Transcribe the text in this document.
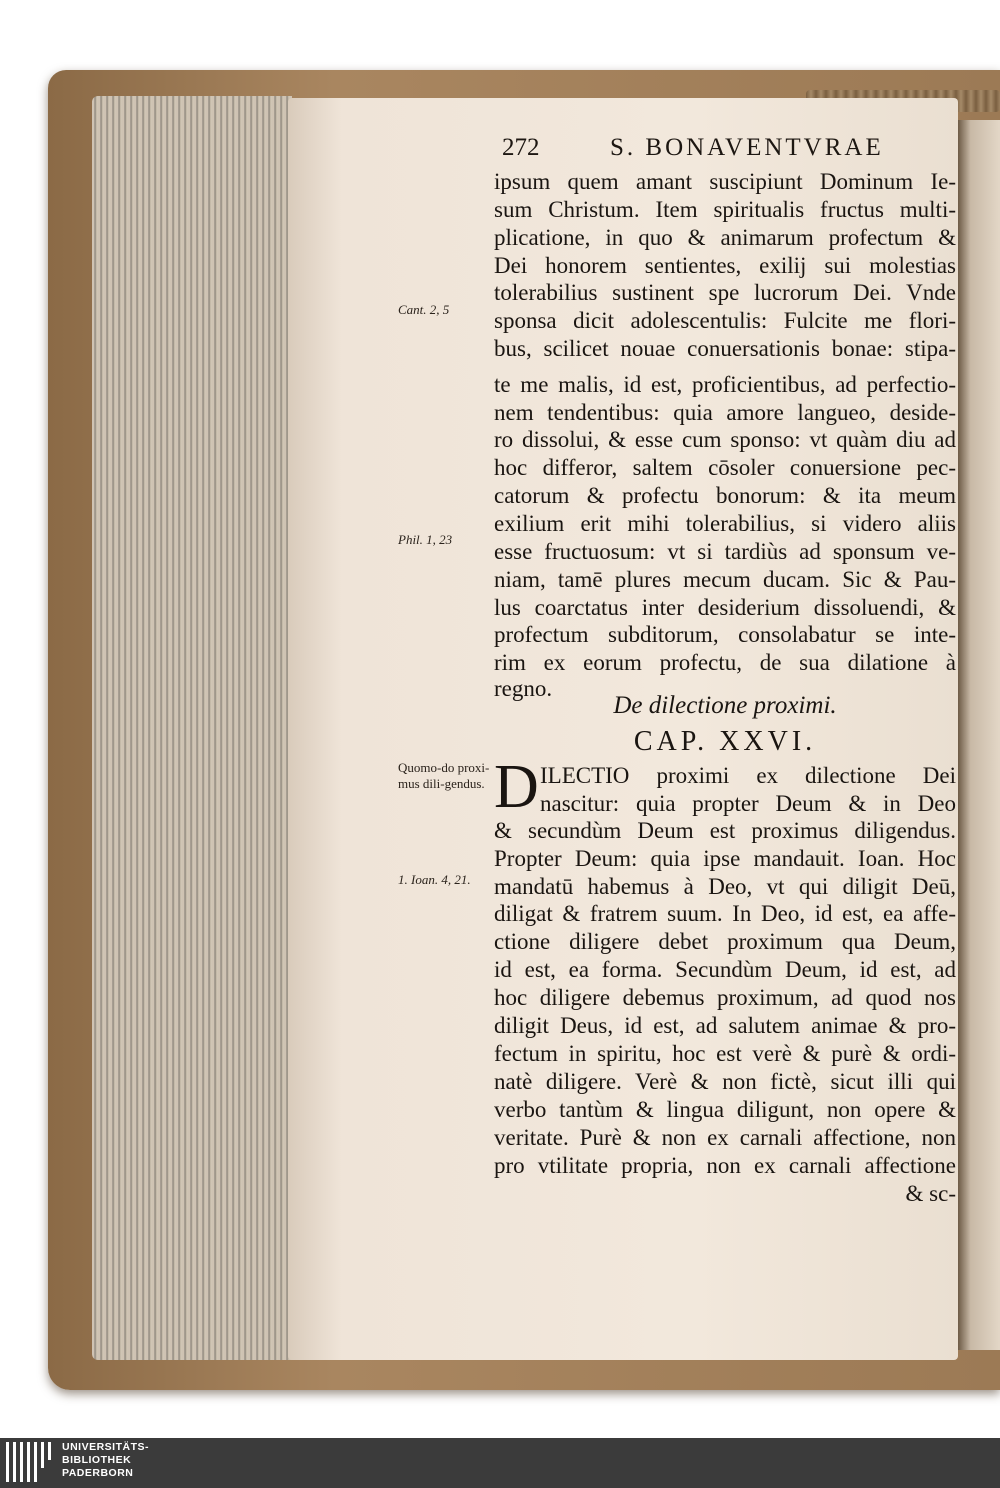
272	S. BONAVENTVRAE
ipsum quem amant suscipiunt Dominum Ie-
sum Christum. Item spiritualis fructus multi-
plicatione, in quo & animarum profectum &
Dei honorem sentientes, exilij sui molestias
tolerabilius sustinent spe lucrorum Dei. Vnde
sponsa dicit adolescentulis: Fulcite me flori-
bus, scilicet nouae conuersationis bonae: stipa-
te me malis, id est, proficientibus, ad perfectio-
nem tendentibus: quia amore langueo, deside-
ro dissolui, & esse cum sponso: vt quàm diu ad
hoc differor, saltem cōsoler conuersione pec-
catorum & profectu bonorum: & ita meum
exilium erit mihi tolerabilius, si videro aliis
esse fructuosum: vt si tardiùs ad sponsum ve-
niam, tamē plures mecum ducam. Sic & Pau-
lus coarctatus inter desiderium dissoluendi, &
profectum subditorum, consolabatur se inte-
rim ex eorum profectu, de sua dilatione à
regno.
De dilectione proximi.
CAP. XXVI.
D ILECTIO proximi ex dilectione Dei
nascitur: quia propter Deum & in Deo
& secundùm Deum est proximus diligendus.
Propter Deum: quia ipse mandauit. Ioan. Hoc
mandatū habemus à Deo, vt qui diligit Deū,
diligat & fratrem suum. In Deo, id est, ea affe-
ctione diligere debet proximum qua Deum,
id est, ea forma. Secundùm Deum, id est, ad
hoc diligere debemus proximum, ad quod nos
diligit Deus, id est, ad salutem animae & pro-
fectum in spiritu, hoc est verè & purè & ordi-
natè diligere. Verè & non fictè, sicut illi qui
verbo tantùm & lingua diligunt, non opere &
veritate. Purè & non ex carnali affectione, non
pro vtilitate propria, non ex carnali affectione
& sc-
Cant. 2, 5
Phil. 1, 23
Quomo-do proxi-mus dili-gendus.
1. Ioan. 4, 21.
UNIVERSITÄTS-
BIBLIOTHEK
PADERBORN
